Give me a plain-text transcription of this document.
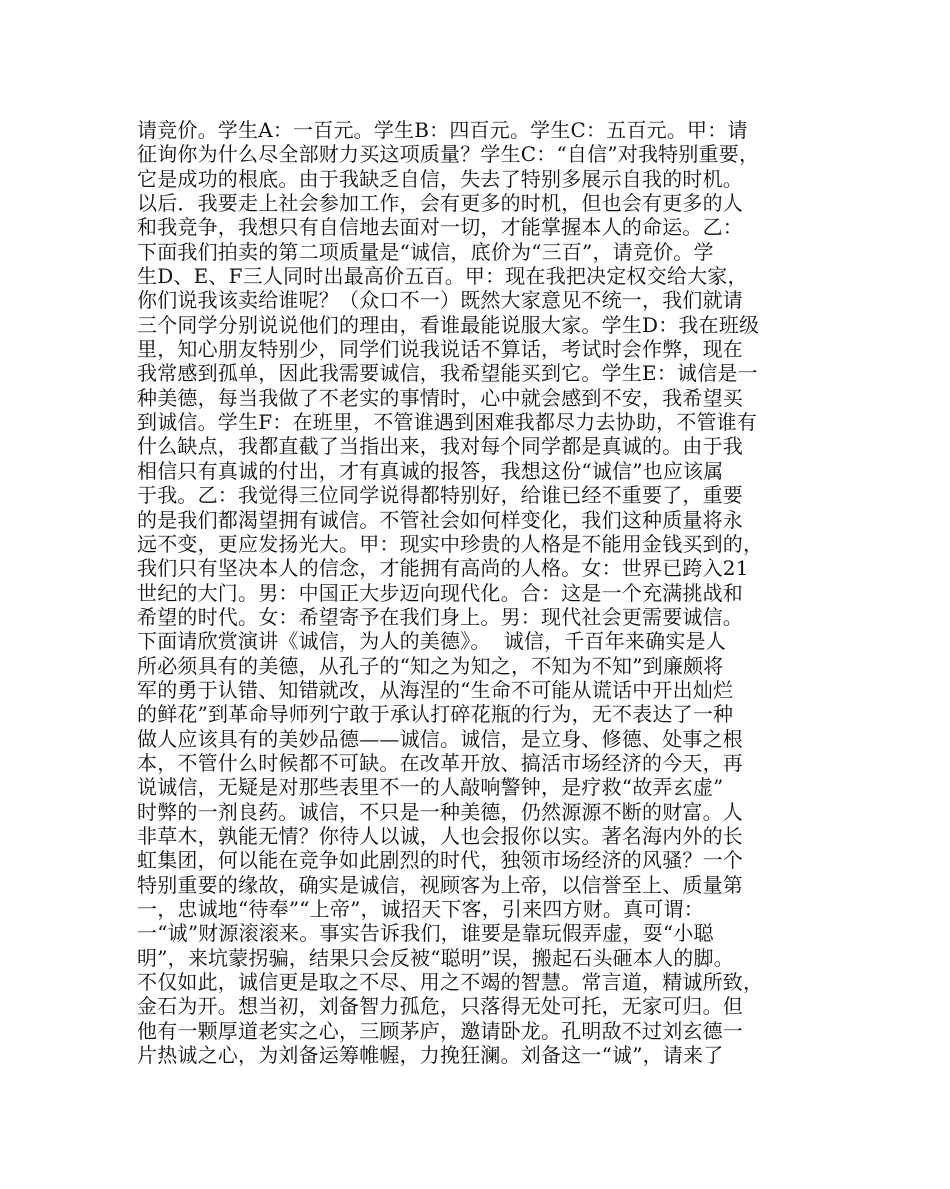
请竞价。学生A：一百元。学生B：四百元。学生C：五百元。甲：请
征询你为什么尽全部财力买这项质量？学生C：“自信”对我特别重要，
它是成功的根底。由于我缺乏自信，失去了特别多展示自我的时机。
以后．我要走上社会参加工作，会有更多的时机，但也会有更多的人
和我竞争，我想只有自信地去面对一切，才能掌握本人的命运。乙：
下面我们拍卖的第二项质量是“诚信，底价为“三百”，请竞价。学
生D、E、F三人同时出最高价五百。甲：现在我把决定权交给大家，
你们说我该卖给谁呢？（众口不一）既然大家意见不统一，我们就请
三个同学分别说说他们的理由，看谁最能说服大家。学生D：我在班级
里，知心朋友特别少，同学们说我说话不算话，考试时会作弊，现在
我常感到孤单，因此我需要诚信，我希望能买到它。学生E：诚信是一
种美德，每当我做了不老实的事情时，心中就会感到不安，我希望买
到诚信。学生F：在班里，不管谁遇到困难我都尽力去协助，不管谁有
什么缺点，我都直截了当指出来，我对每个同学都是真诚的。由于我
相信只有真诚的付出，才有真诚的报答，我想这份“诚信”也应该属
于我。乙：我觉得三位同学说得都特别好，给谁已经不重要了，重要
的是我们都渴望拥有诚信。不管社会如何样变化，我们这种质量将永
远不变，更应发扬光大。甲：现实中珍贵的人格是不能用金钱买到的，
我们只有坚决本人的信念，才能拥有高尚的人格。女：世界已跨入21
世纪的大门。男：中国正大步迈向现代化。合：这是一个充满挑战和
希望的时代。女：希望寄予在我们身上。男：现代社会更需要诚信。
下面请欣赏演讲《诚信，为人的美德》。  诚信，千百年来确实是人
所必须具有的美德，从孔子的“知之为知之，不知为不知”到廉颇将
军的勇于认错、知错就改，从海涅的“生命不可能从谎话中开出灿烂
的鲜花”到革命导师列宁敢于承认打碎花瓶的行为，无不表达了一种
做人应该具有的美妙品德——诚信。诚信，是立身、修德、处事之根
本，不管什么时候都不可缺。在改革开放、搞活市场经济的今天，再
说诚信，无疑是对那些表里不一的人敲响警钟，是疗救“故弄玄虚”
时弊的一剂良药。诚信，不只是一种美德，仍然源源不断的财富。人
非草木，孰能无情？你待人以诚，人也会报你以实。著名海内外的长
虹集团，何以能在竞争如此剧烈的时代，独领市场经济的风骚？一个
特别重要的缘故，确实是诚信，视顾客为上帝，以信誉至上、质量第
一，忠诚地“待奉”“上帝”，诚招天下客，引来四方财。真可谓：
一“诚”财源滚滚来。事实告诉我们，谁要是靠玩假弄虚，耍“小聪
明”，来坑蒙拐骗，结果只会反被“聪明”误，搬起石头砸本人的脚。
不仅如此，诚信更是取之不尽、用之不竭的智慧。常言道，精诚所致，
金石为开。想当初，刘备智力孤危，只落得无处可托，无家可归。但
他有一颗厚道老实之心，三顾茅庐，邀请卧龙。孔明敌不过刘玄德一
片热诚之心，为刘备运筹帷幄，力挽狂澜。刘备这一“诚”，请来了
